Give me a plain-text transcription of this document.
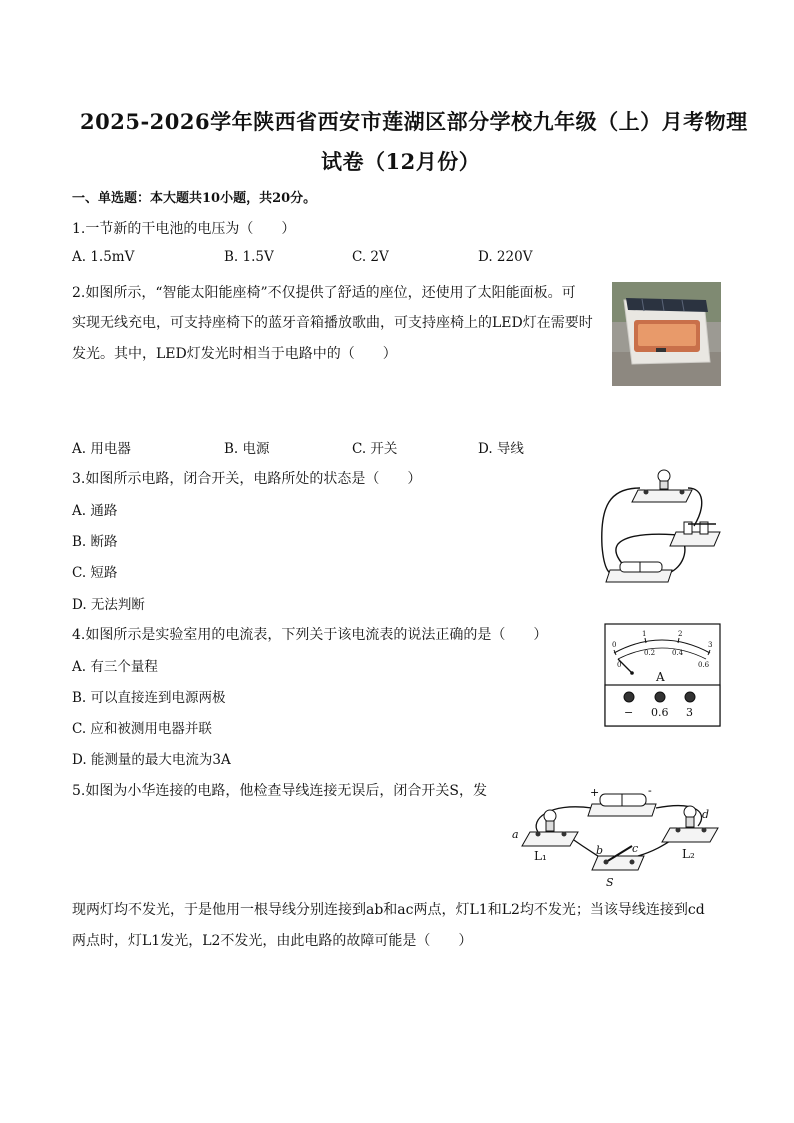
2025-2026学年陕西省西安市莲湖区部分学校九年级（上）月考物理
试卷（12月份）
一、单选题：本大题共10小题，共20分。
1.一节新的干电池的电压为（　　）
A. 1.5mV	B. 1.5V	C. 2V	D. 220V
2.如图所示，“智能太阳能座椅”不仅提供了舒适的座位，还使用了太阳能面板。可
实现无线充电，可支持座椅下的蓝牙音箱播放歌曲，可支持座椅上的LED灯在需要时
发光。其中，LED灯发光时相当于电路中的（　　）
A. 用电器	B. 电源	C. 开关	D. 导线
3.如图所示电路，闭合开关，电路所处的状态是（　　）
A. 通路
B. 断路
C. 短路
D. 无法判断
4.如图所示是实验室用的电流表，下列关于该电流表的说法正确的是（　　）
A. 有三个量程
B. 可以直接连到电源两极
C. 应和被测用电器并联
D. 能测量的最大电流为3A
0
1	2
3
0
0.2 0.4
0.6
A
− 0.6 3
5.如图为小华连接的电路，他检查导线连接无误后，闭合开关S，发	+	-
a
b	c
d
S
L₁	L₂
现两灯均不发光，于是他用一根导线分别连接到ab和ac两点，灯L1和L2均不发光；当该导线连接到cd
两点时，灯L1发光，L2不发光，由此电路的故障可能是（　　）
